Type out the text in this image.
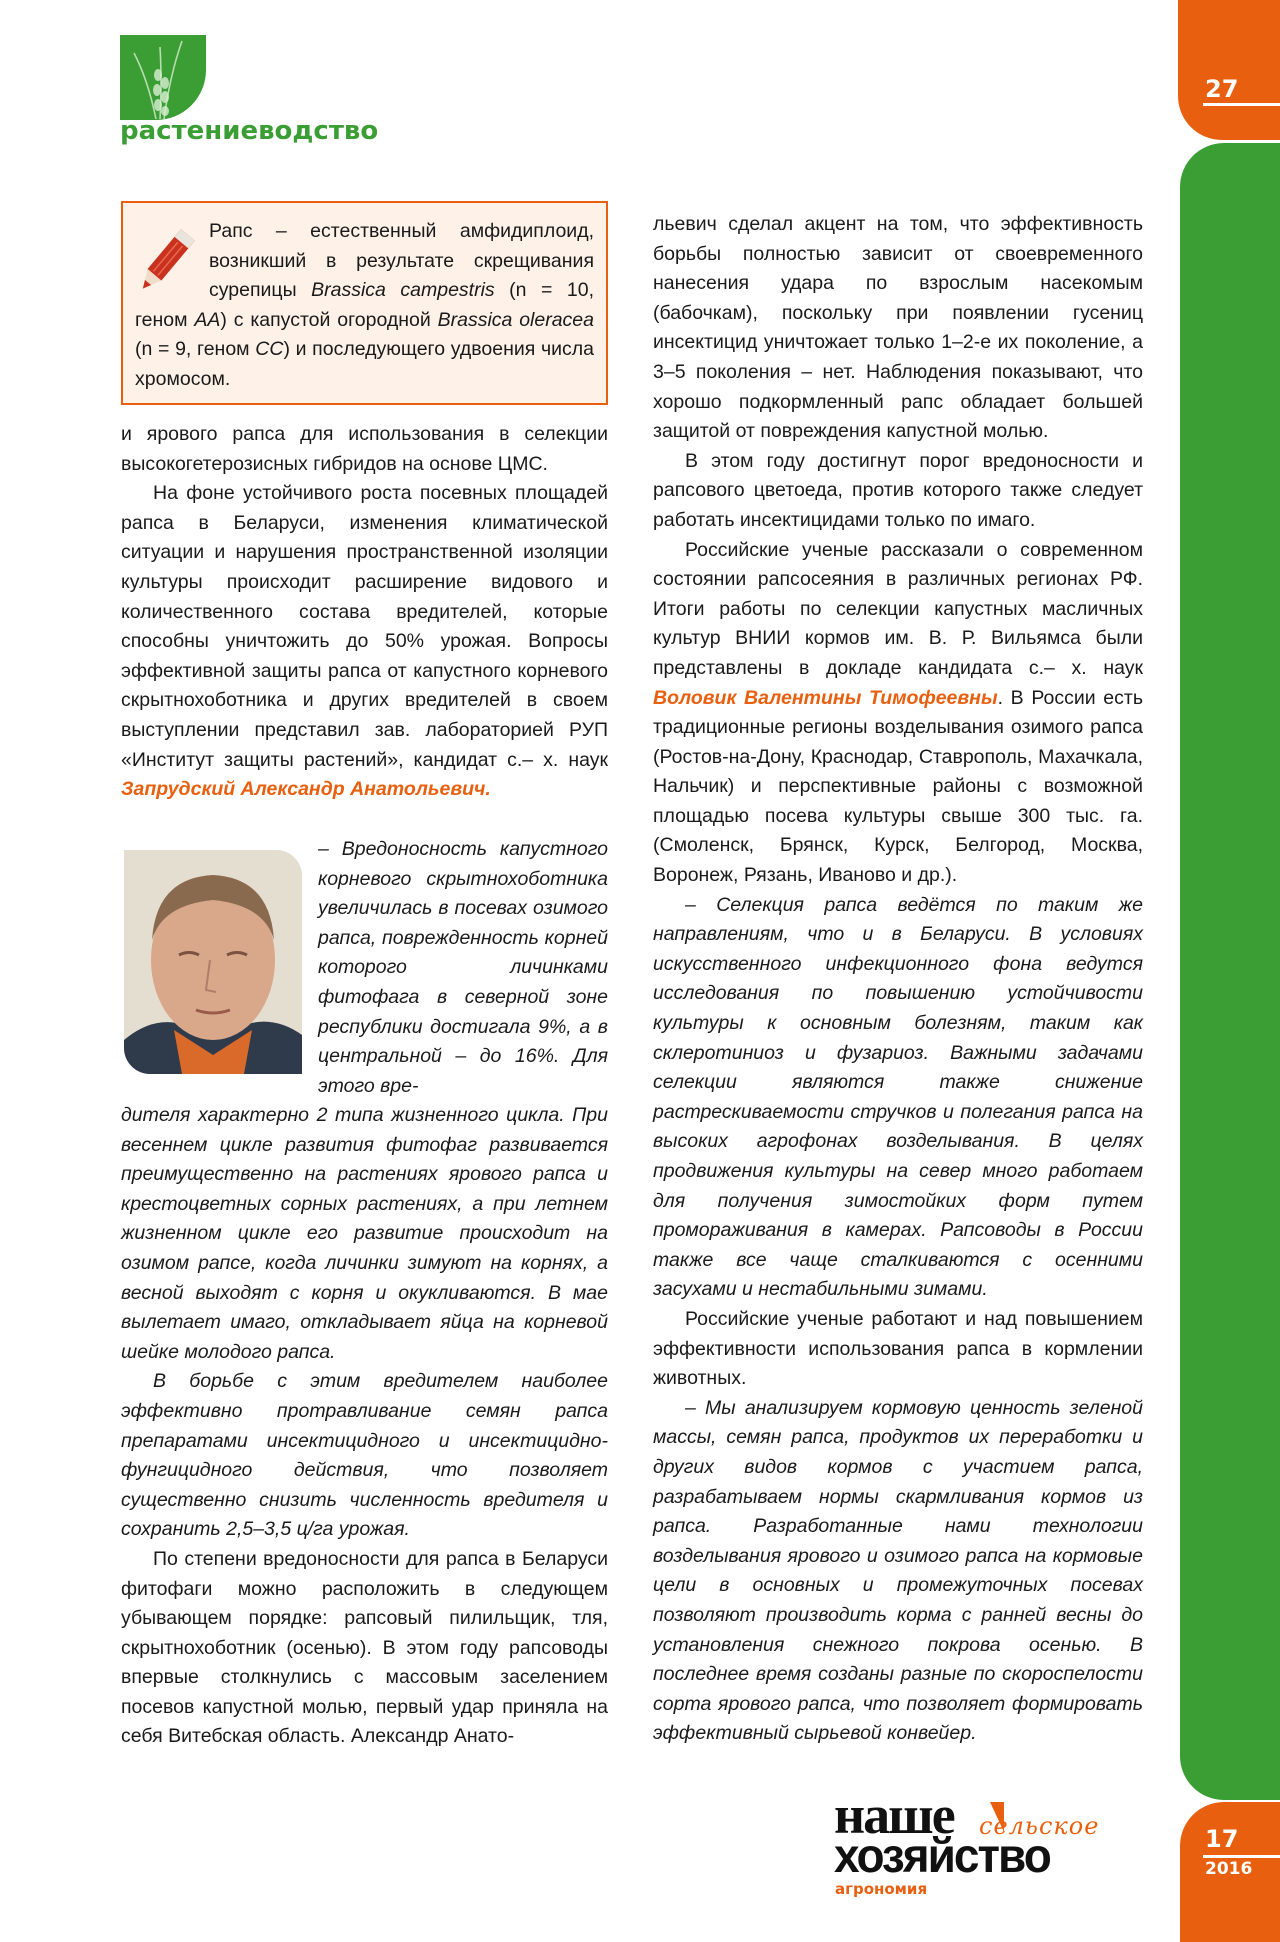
27
17
2016
растениеводство
Рапс – естественный амфидиплоид, возникший в результате скрещивания сурепицы Brassica campestris (n = 10, геном AA) с капустой огородной Brassica oleracea (n = 9, геном CC) и последующего удвоения числа хромосом.

и ярового рапса для использования в селекции высокогетерозисных гибридов на основе ЦМС.

На фоне устойчивого роста посевных площадей рапса в Беларуси, изменения климатической ситуации и нарушения пространственной изоляции культуры происходит расширение видового и количественного состава вредителей, которые способны уничтожить до 50% урожая. Вопросы эффективной защиты рапса от капустного корневого скрытнохоботника и других вредителей в своем выступлении представил зав. лабораторией РУП «Институт защиты растений», кандидат с.– х. наук Запрудский Александр Анатольевич.

– Вредоносность капустного корневого скрытнохоботника увеличилась в посевах озимого рапса, поврежденность корней которого личинками фитофага в северной зоне республики достигала 9%, а в центральной – до 16%. Для этого вре-

дителя характерно 2 типа жизненного цикла. При весеннем цикле развития фитофаг развивается преимущественно на растениях ярового рапса и крестоцветных сорных растениях, а при летнем жизненном цикле его развитие происходит на озимом рапсе, когда личинки зимуют на корнях, а весной выходят с корня и окукливаются. В мае вылетает имаго, откладывает яйца на корневой шейке молодого рапса.

В борьбе с этим вредителем наиболее эффективно протравливание семян рапса препаратами инсектицидного и инсектицидно-фунгицидного действия, что позволяет существенно снизить численность вредителя и сохранить 2,5–3,5 ц/га урожая.

По степени вредоносности для рапса в Беларуси фитофаги можно расположить в следующем убывающем порядке: рапсовый пилильщик, тля, скрытнохоботник (осенью). В этом году рапсоводы впервые столкнулись с массовым заселением посевов капустной молью, первый удар приняла на себя Витебская область. Александр Анато-

льевич сделал акцент на том, что эффективность борьбы полностью зависит от своевременного нанесения удара по взрослым насекомым (бабочкам), поскольку при появлении гусениц инсектицид уничтожает только 1–2-е их поколение, а 3–5 поколения – нет. Наблюдения показывают, что хорошо подкормленный рапс обладает большей защитой от повреждения капустной молью.

В этом году достигнут порог вредоносности и рапсового цветоеда, против которого также следует работать инсектицидами только по имаго.

Российские ученые рассказали о современном состоянии рапсосеяния в различных регионах РФ. Итоги работы по селекции капустных масличных культур ВНИИ кормов им. В. Р. Вильямса были представлены в докладе кандидата с.– х. наук Воловик Валентины Тимофеевны. В России есть традиционные регионы возделывания озимого рапса (Ростов-на-Дону, Краснодар, Ставрополь, Махачкала, Нальчик) и перспективные районы с возможной площадью посева культуры свыше 300 тыс. га. (Смоленск, Брянск, Курск, Белгород, Москва, Воронеж, Рязань, Иваново и др.).

– Селекция рапса ведётся по таким же направлениям, что и в Беларуси. В условиях искусственного инфекционного фона ведутся исследования по повышению устойчивости культуры к основным болезням, таким как склеротиниоз и фузариоз. Важными задачами селекции являются также снижение растрескиваемости стручков и полегания рапса на высоких агрофонах возделывания. В целях продвижения культуры на север много работаем для получения зимостойких форм путем промораживания в камерах. Рапсоводы в России также все чаще сталкиваются с осенними засухами и нестабильными зимами.

Российские ученые работают и над повышением эффективности использования рапса в кормлении животных.

– Мы анализируем кормовую ценность зеленой массы, семян рапса, продуктов их переработки и других видов кормов с участием рапса, разрабатываем нормы скармливания кормов из рапса. Разработанные нами технологии возделывания ярового и озимого рапса на кормовые цели в основных и промежуточных посевах позволяют производить корма с ранней весны до установления снежного покрова осенью. В последнее время созданы разные по скороспелости сорта ярового рапса, что позволяет формировать эффективный сырьевой конвейер.

наше сельское
хозяйство
агрономия
